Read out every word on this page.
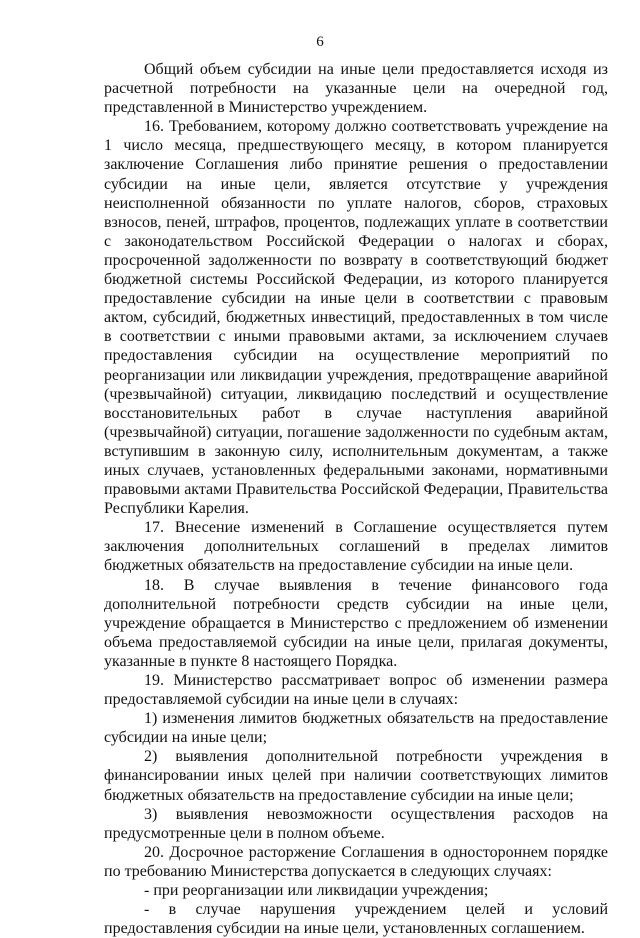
6

Общий объем субсидии на иные цели предоставляется исходя из расчетной потребности на указанные цели на очередной год, представленной в Министерство учреждением.

16. Требованием, которому должно соответствовать учреждение на 1 число месяца, предшествующего месяцу, в котором планируется заключение Соглашения либо принятие решения о предоставлении субсидии на иные цели, является отсутствие у учреждения неисполненной обязанности по уплате налогов, сборов, страховых взносов, пеней, штрафов, процентов, подлежащих уплате в соответствии с законодательством Российской Федерации о налогах и сборах, просроченной задолженности по возврату в соответствующий бюджет бюджетной системы Российской Федерации, из которого планируется предоставление субсидии на иные цели в соответствии с правовым актом, субсидий, бюджетных инвестиций, предоставленных в том числе в соответствии с иными правовыми актами, за исключением случаев предоставления субсидии на осуществление мероприятий по реорганизации или ликвидации учреждения, предотвращение аварийной (чрезвычайной) ситуации, ликвидацию последствий и осуществление восстановительных работ в случае наступления аварийной (чрезвычайной) ситуации, погашение задолженности по судебным актам, вступившим в законную силу, исполнительным документам, а также иных случаев, установленных федеральными законами, нормативными правовыми актами Правительства Российской Федерации, Правительства Республики Карелия.

17. Внесение изменений в Соглашение осуществляется путем заключения дополнительных соглашений в пределах лимитов бюджетных обязательств на предоставление субсидии на иные цели.

18. В случае выявления в течение финансового года дополнительной потребности средств субсидии на иные цели, учреждение обращается в Министерство с предложением об изменении объема предоставляемой субсидии на иные цели, прилагая документы, указанные в пункте 8 настоящего Порядка.

19. Министерство рассматривает вопрос об изменении размера предоставляемой субсидии на иные цели в случаях:

1) изменения лимитов бюджетных обязательств на предоставление субсидии на иные цели;

2) выявления дополнительной потребности учреждения в финансировании иных целей при наличии соответствующих лимитов бюджетных обязательств на предоставление субсидии на иные цели;

3) выявления невозможности осуществления расходов на предусмотренные цели в полном объеме.

20. Досрочное расторжение Соглашения в одностороннем порядке по требованию Министерства допускается в следующих случаях:

- при реорганизации или ликвидации учреждения;

- в случае нарушения учреждением целей и условий предоставления субсидии на иные цели, установленных соглашением.
